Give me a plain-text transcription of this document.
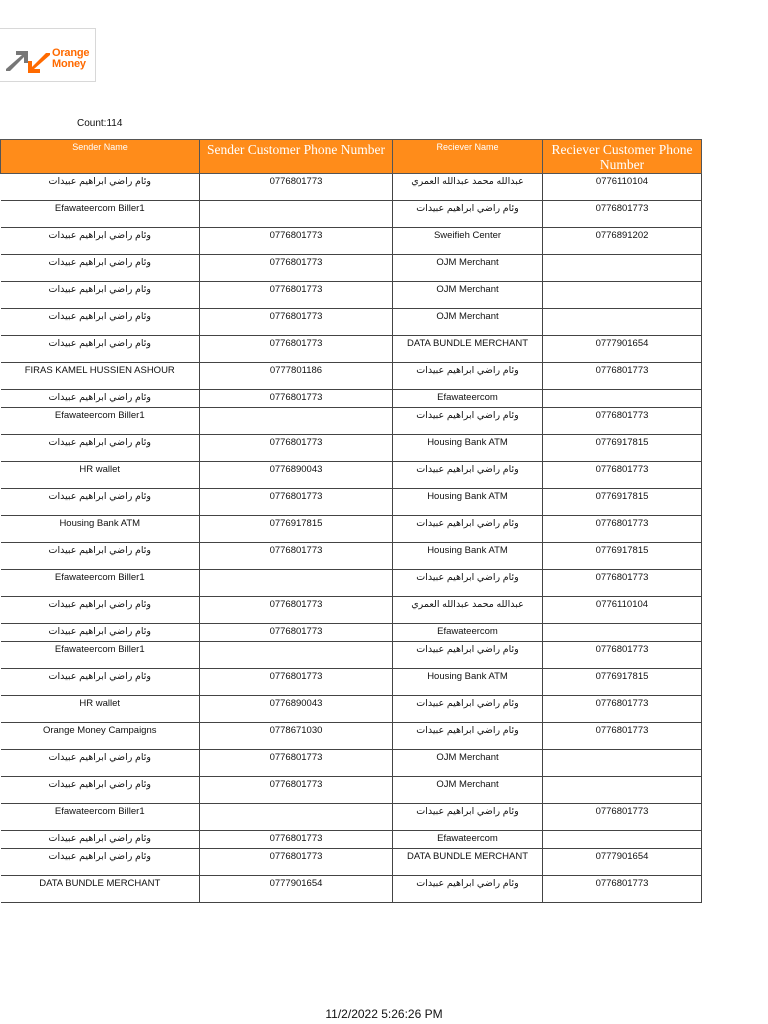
Orange
Money
Count:114
Sender Name	Sender Customer Phone Number	Reciever Name	Reciever Customer Phone Number
وئام راضي ابراهيم عبيدات	0776801773	عبدالله محمد عبدالله العمري	0776110104
Efawateercom Biller1		وئام راضي ابراهيم عبيدات	0776801773
وئام راضي ابراهيم عبيدات	0776801773	Sweifieh Center	0776891202
وئام راضي ابراهيم عبيدات	0776801773	OJM Merchant	
وئام راضي ابراهيم عبيدات	0776801773	OJM Merchant	
وئام راضي ابراهيم عبيدات	0776801773	OJM Merchant	
وئام راضي ابراهيم عبيدات	0776801773	DATA BUNDLE MERCHANT	0777901654
FIRAS KAMEL HUSSIEN ASHOUR	0777801186	وئام راضي ابراهيم عبيدات	0776801773
وئام راضي ابراهيم عبيدات	0776801773	Efawateercom	
Efawateercom Biller1		وئام راضي ابراهيم عبيدات	0776801773
وئام راضي ابراهيم عبيدات	0776801773	Housing Bank ATM	0776917815
HR wallet	0776890043	وئام راضي ابراهيم عبيدات	0776801773
وئام راضي ابراهيم عبيدات	0776801773	Housing Bank ATM	0776917815
Housing Bank ATM	0776917815	وئام راضي ابراهيم عبيدات	0776801773
وئام راضي ابراهيم عبيدات	0776801773	Housing Bank ATM	0776917815
Efawateercom Biller1		وئام راضي ابراهيم عبيدات	0776801773
وئام راضي ابراهيم عبيدات	0776801773	عبدالله محمد عبدالله العمري	0776110104
وئام راضي ابراهيم عبيدات	0776801773	Efawateercom	
Efawateercom Biller1		وئام راضي ابراهيم عبيدات	0776801773
وئام راضي ابراهيم عبيدات	0776801773	Housing Bank ATM	0776917815
HR wallet	0776890043	وئام راضي ابراهيم عبيدات	0776801773
Orange Money Campaigns	0778671030	وئام راضي ابراهيم عبيدات	0776801773
وئام راضي ابراهيم عبيدات	0776801773	OJM Merchant	
وئام راضي ابراهيم عبيدات	0776801773	OJM Merchant	
Efawateercom Biller1		وئام راضي ابراهيم عبيدات	0776801773
وئام راضي ابراهيم عبيدات	0776801773	Efawateercom	
وئام راضي ابراهيم عبيدات	0776801773	DATA BUNDLE MERCHANT	0777901654
DATA BUNDLE MERCHANT	0777901654	وئام راضي ابراهيم عبيدات	0776801773
11/2/2022 5:26:26 PM
